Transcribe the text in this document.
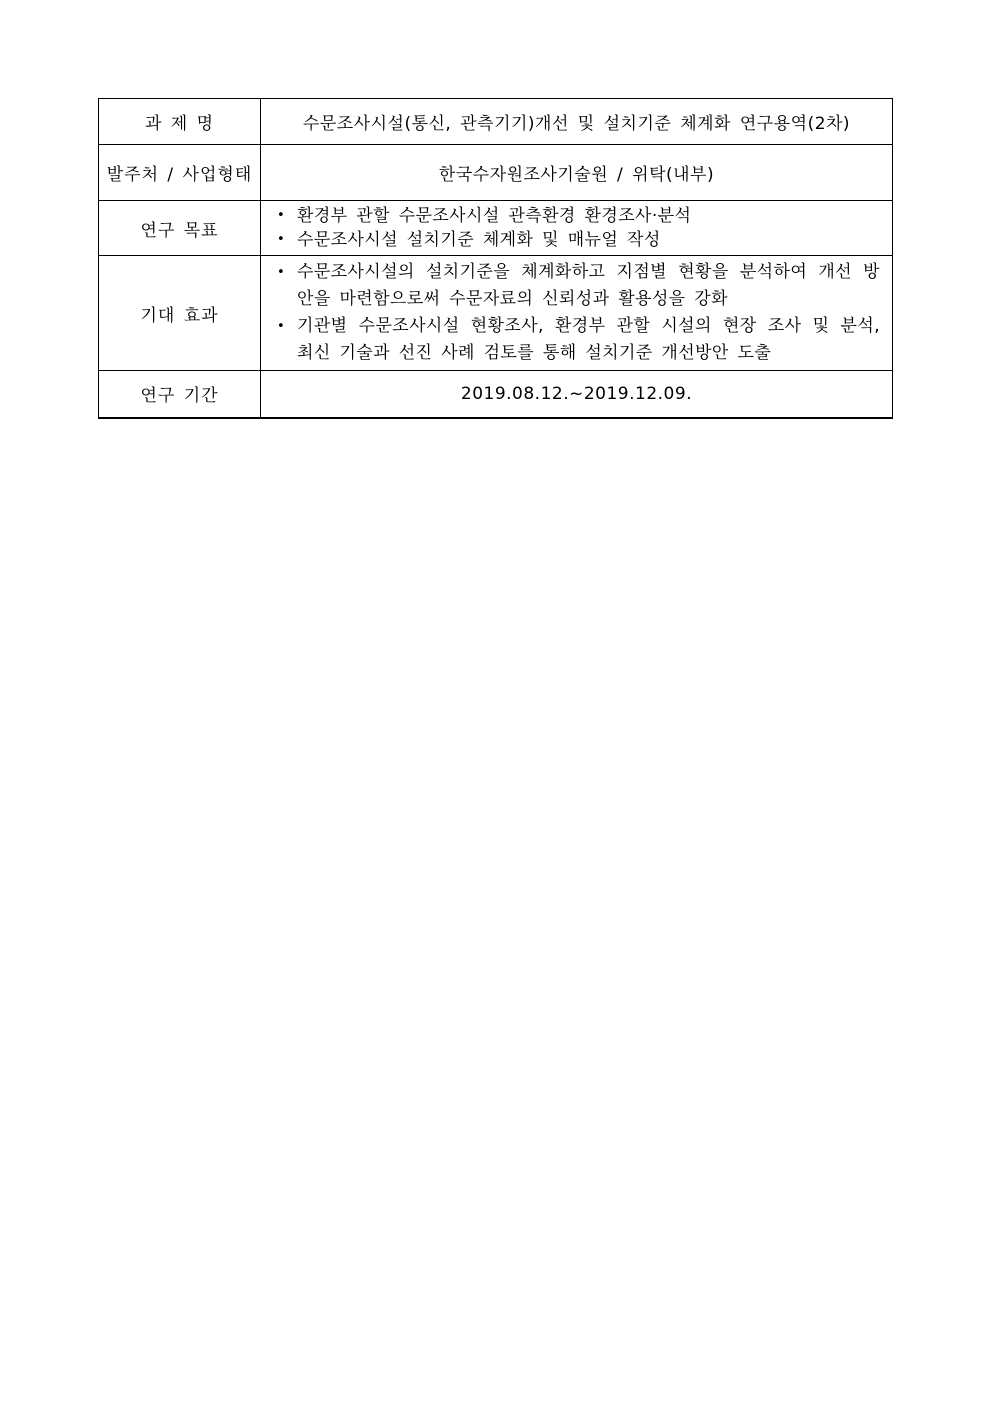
과 제 명	수문조사시설(통신, 관측기기)개선 및 설치기준 체계화 연구용역(2차)
발주처 / 사업형태	한국수자원조사기술원 / 위탁(내부)
연구 목표	• 환경부 관할 수문조사시설 관측환경 환경조사·분석
• 수문조사시설 설치기준 체계화 및 매뉴얼 작성

기대 효과	• 수문조사시설의 설치기준을 체계화하고 지점별 현황을 분석하여 개선 방안을 마련함으로써 수문자료의 신뢰성과 활용성을 강화
• 기관별 수문조사시설 현황조사, 환경부 관할 시설의 현장 조사 및 분석, 최신 기술과 선진 사례 검토를 통해 설치기준 개선방안 도출

연구 기간	2019.08.12.~2019.12.09.
